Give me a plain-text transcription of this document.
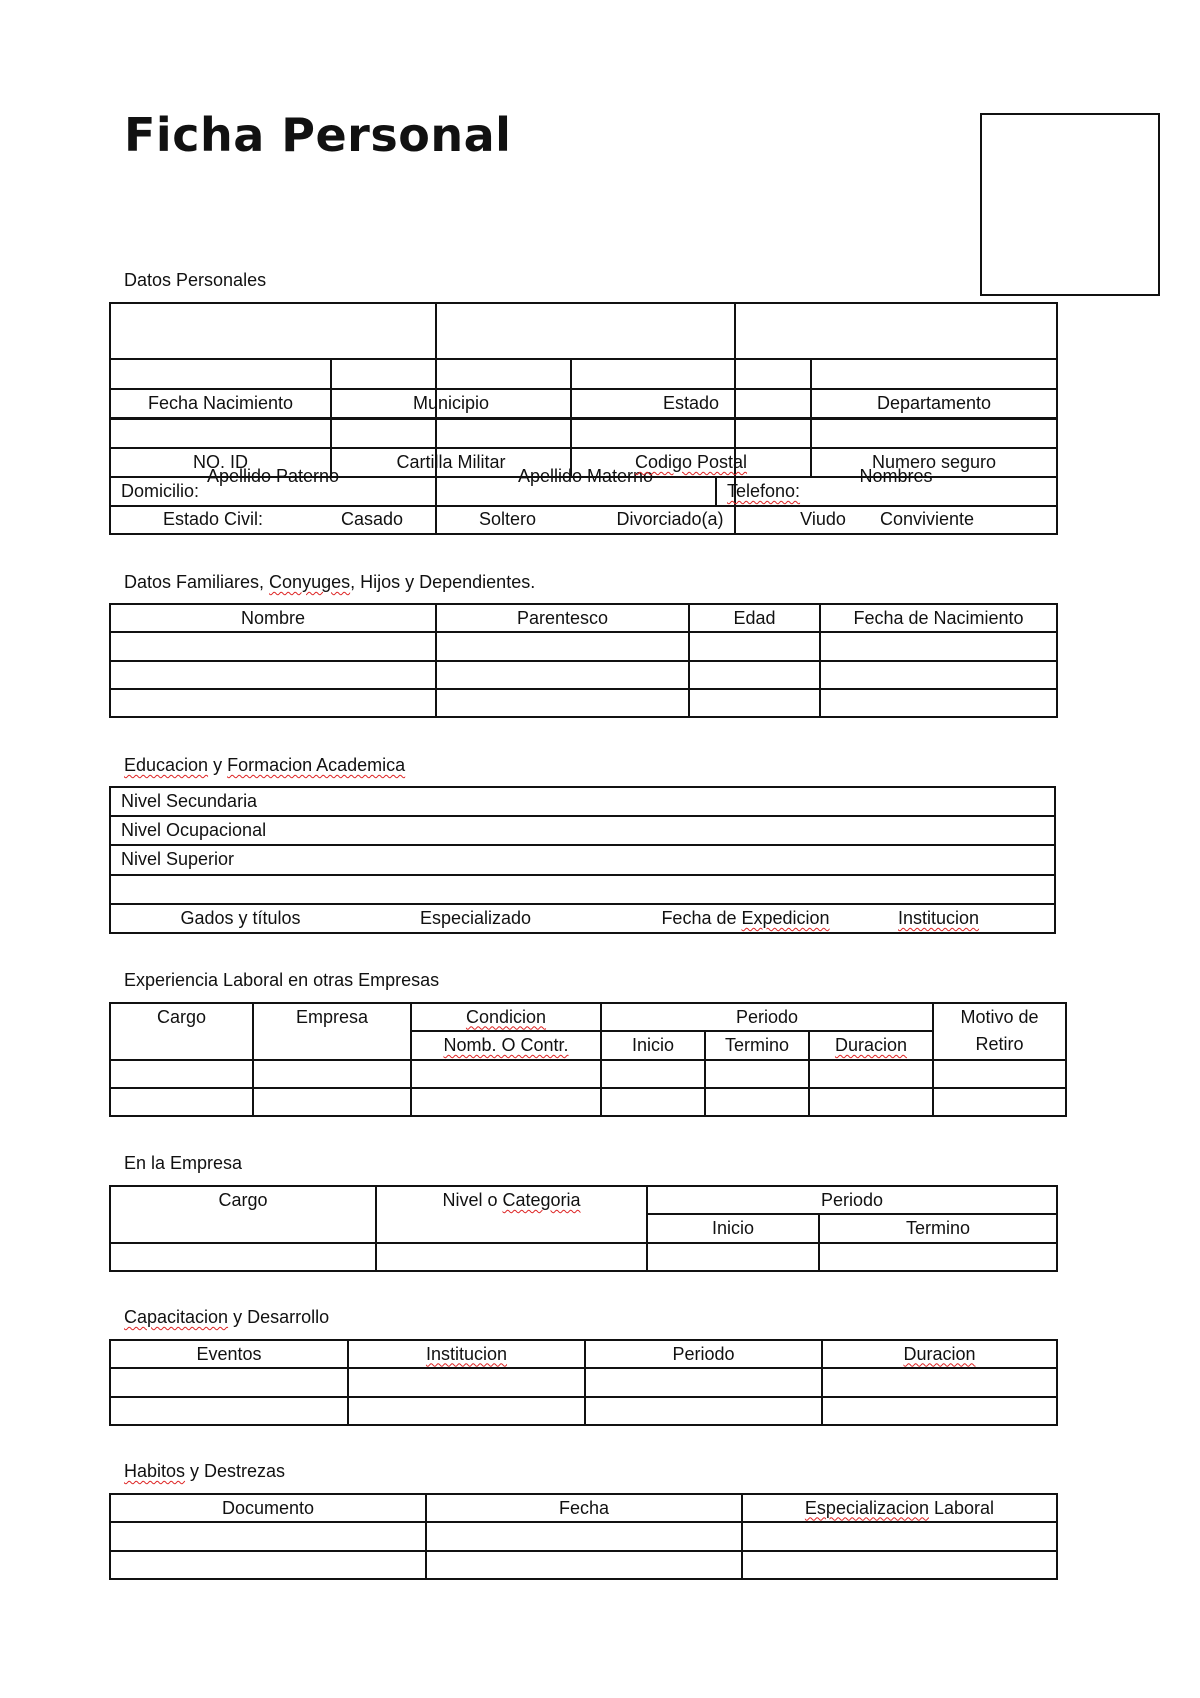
Ficha Personal
Datos Personales

Apellido Paterno	Apellido Materno	Nombres

Fecha Nacimiento	Municipio	Estado	Departamento

NO. ID	Cartilla Militar	Codigo Postal	Numero seguro
Domicilio:	Telefono:

Estado Civil:	Casado	Soltero	Divorciado(a)	Viudo	Conviviente
Datos Familiares, Conyuges, Hijos y Dependientes.
Nombre	Parentesco	Edad	Fecha de Nacimiento

Educacion y Formacion Academica
Nivel Secundaria
Nivel Ocupacional
Nivel Superior

Gados y títulos	Especializado	Fecha de Expedicion	Institucion
Experiencia Laboral en otras Empresas
Cargo	Empresa	Condicion	Periodo			Motivo de
		Nomb. O Contr.	Inicio	Termino	Duracion	Retiro

En la Empresa
Cargo	Nivel o Categoria	Periodo	
		Inicio	Termino

Capacitacion y Desarrollo
Eventos	Institucion	Periodo	Duracion

Habitos y Destrezas
Documento	Fecha	Especializacion Laboral
